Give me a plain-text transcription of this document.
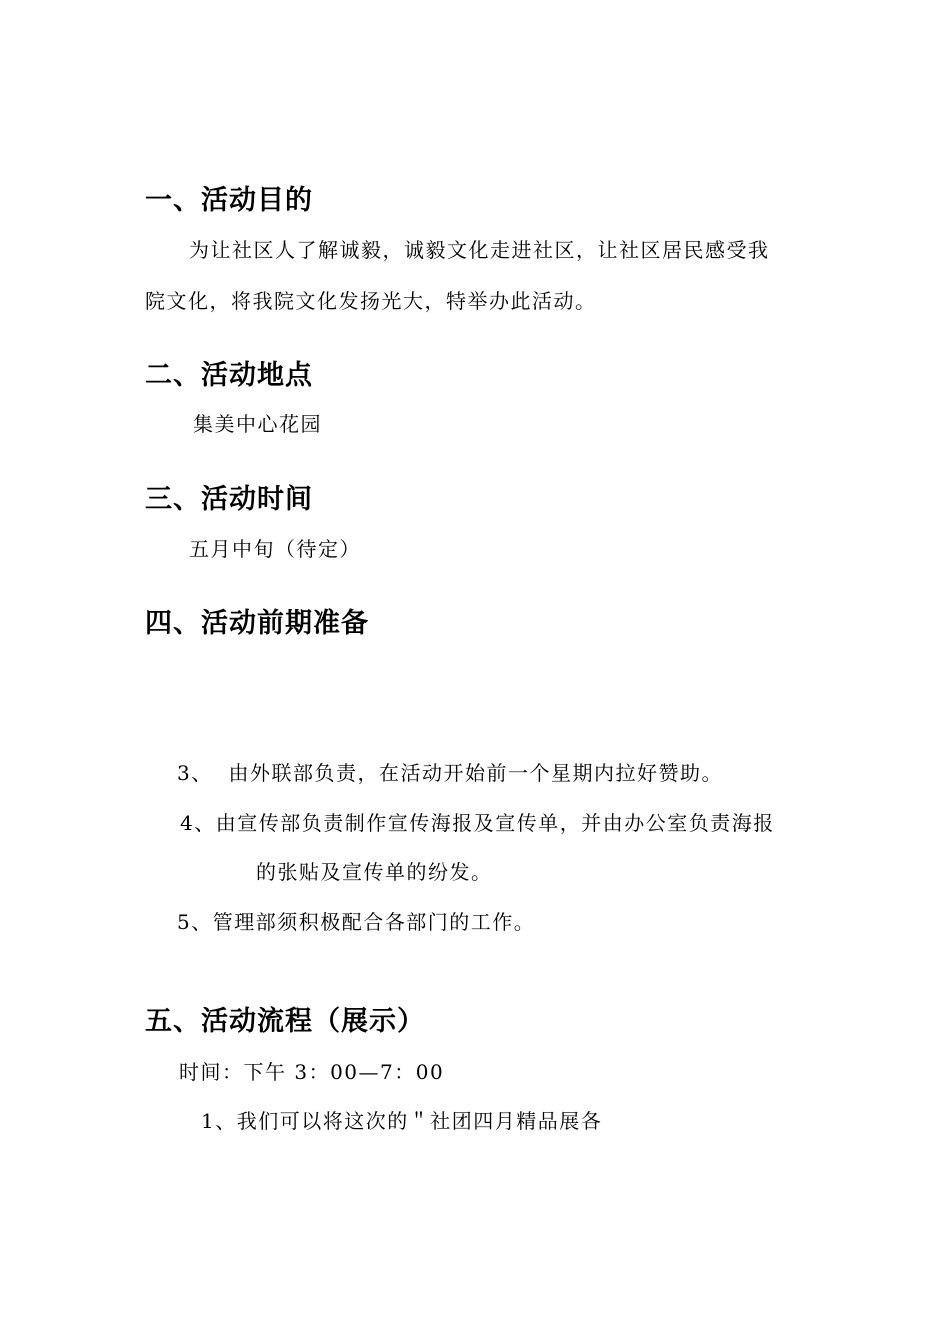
一、活动目的
为让社区人了解诚毅，诚毅文化走进社区，让社区居民感受我
院文化，将我院文化发扬光大，特举办此活动。
二、活动地点
集美中心花园
三、活动时间
五月中旬（待定）
四、活动前期准备
3、  由外联部负责，在活动开始前一个星期内拉好赞助。
4、由宣传部负责制作宣传海报及宣传单，并由办公室负责海报
的张贴及宣传单的纷发。
5、管理部须积极配合各部门的工作。
五、活动流程（展示）
时间：下午 3：00—7：00
1、我们可以将这次的＂社团四月精品展各
